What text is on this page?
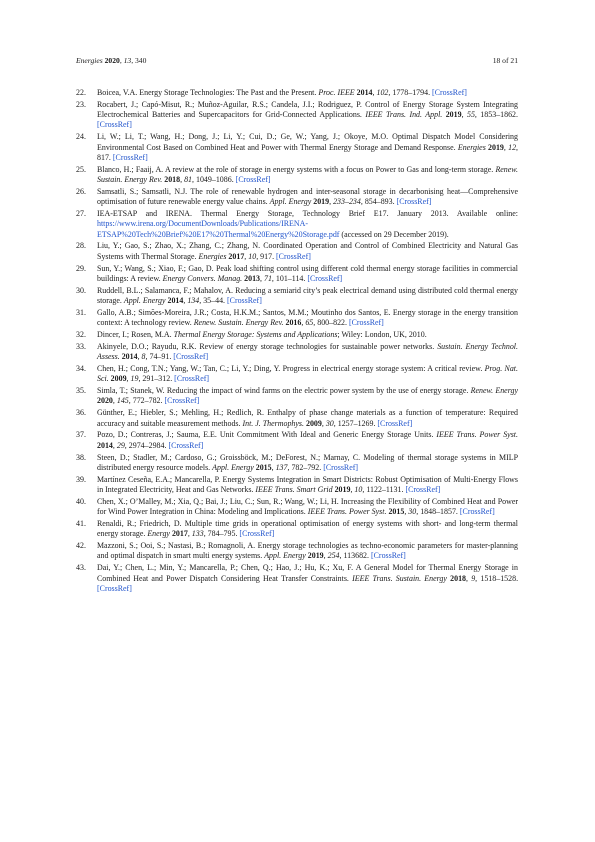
Energies 2020, 13, 340	18 of 21
22. Boicea, V.A. Energy Storage Technologies: The Past and the Present. Proc. IEEE 2014, 102, 1778–1794. [CrossRef]
23. Rocabert, J.; Capó-Misut, R.; Muñoz-Aguilar, R.S.; Candela, J.I.; Rodriguez, P. Control of Energy Storage System Integrating Electrochemical Batteries and Supercapacitors for Grid-Connected Applications. IEEE Trans. Ind. Appl. 2019, 55, 1853–1862. [CrossRef]
24. Li, W.; Li, T.; Wang, H.; Dong, J.; Li, Y.; Cui, D.; Ge, W.; Yang, J.; Okoye, M.O. Optimal Dispatch Model Considering Environmental Cost Based on Combined Heat and Power with Thermal Energy Storage and Demand Response. Energies 2019, 12, 817. [CrossRef]
25. Blanco, H.; Faaij, A. A review at the role of storage in energy systems with a focus on Power to Gas and long-term storage. Renew. Sustain. Energy Rev. 2018, 81, 1049–1086. [CrossRef]
26. Samsatli, S.; Samsatli, N.J. The role of renewable hydrogen and inter-seasonal storage in decarbonising heat—Comprehensive optimisation of future renewable energy value chains. Appl. Energy 2019, 233–234, 854–893. [CrossRef]
27. IEA-ETSAP and IRENA. Thermal Energy Storage, Technology Brief E17. January 2013. Available online: https://www.irena.org/DocumentDownloads/Publications/IRENA-ETSAP%20Tech%20Brief%20E17%20Thermal%20Energy%20Storage.pdf (accessed on 29 December 2019).
28. Liu, Y.; Gao, S.; Zhao, X.; Zhang, C.; Zhang, N. Coordinated Operation and Control of Combined Electricity and Natural Gas Systems with Thermal Storage. Energies 2017, 10, 917. [CrossRef]
29. Sun, Y.; Wang, S.; Xiao, F.; Gao, D. Peak load shifting control using different cold thermal energy storage facilities in commercial buildings: A review. Energy Convers. Manag. 2013, 71, 101–114. [CrossRef]
30. Ruddell, B.L.; Salamanca, F.; Mahalov, A. Reducing a semiarid city’s peak electrical demand using distributed cold thermal energy storage. Appl. Energy 2014, 134, 35–44. [CrossRef]
31. Gallo, A.B.; Simões-Moreira, J.R.; Costa, H.K.M.; Santos, M.M.; Moutinho dos Santos, E. Energy storage in the energy transition context: A technology review. Renew. Sustain. Energy Rev. 2016, 65, 800–822. [CrossRef]
32. Dincer, I.; Rosen, M.A. Thermal Energy Storage: Systems and Applications; Wiley: London, UK, 2010.
33. Akinyele, D.O.; Rayudu, R.K. Review of energy storage technologies for sustainable power networks. Sustain. Energy Technol. Assess. 2014, 8, 74–91. [CrossRef]
34. Chen, H.; Cong, T.N.; Yang, W.; Tan, C.; Li, Y.; Ding, Y. Progress in electrical energy storage system: A critical review. Prog. Nat. Sci. 2009, 19, 291–312. [CrossRef]
35. Simla, T.; Stanek, W. Reducing the impact of wind farms on the electric power system by the use of energy storage. Renew. Energy 2020, 145, 772–782. [CrossRef]
36. Günther, E.; Hiebler, S.; Mehling, H.; Redlich, R. Enthalpy of phase change materials as a function of temperature: Required accuracy and suitable measurement methods. Int. J. Thermophys. 2009, 30, 1257–1269. [CrossRef]
37. Pozo, D.; Contreras, J.; Sauma, E.E. Unit Commitment With Ideal and Generic Energy Storage Units. IEEE Trans. Power Syst. 2014, 29, 2974–2984. [CrossRef]
38. Steen, D.; Stadler, M.; Cardoso, G.; Groissböck, M.; DeForest, N.; Marnay, C. Modeling of thermal storage systems in MILP distributed energy resource models. Appl. Energy 2015, 137, 782–792. [CrossRef]
39. Martínez Ceseña, E.A.; Mancarella, P. Energy Systems Integration in Smart Districts: Robust Optimisation of Multi-Energy Flows in Integrated Electricity, Heat and Gas Networks. IEEE Trans. Smart Grid 2019, 10, 1122–1131. [CrossRef]
40. Chen, X.; O’Malley, M.; Xia, Q.; Bai, J.; Liu, C.; Sun, R.; Wang, W.; Li, H. Increasing the Flexibility of Combined Heat and Power for Wind Power Integration in China: Modeling and Implications. IEEE Trans. Power Syst. 2015, 30, 1848–1857. [CrossRef]
41. Renaldi, R.; Friedrich, D. Multiple time grids in operational optimisation of energy systems with short- and long-term thermal energy storage. Energy 2017, 133, 784–795. [CrossRef]
42. Mazzoni, S.; Ooi, S.; Nastasi, B.; Romagnoli, A. Energy storage technologies as techno-economic parameters for master-planning and optimal dispatch in smart multi energy systems. Appl. Energy 2019, 254, 113682. [CrossRef]
43. Dai, Y.; Chen, L.; Min, Y.; Mancarella, P.; Chen, Q.; Hao, J.; Hu, K.; Xu, F. A General Model for Thermal Energy Storage in Combined Heat and Power Dispatch Considering Heat Transfer Constraints. IEEE Trans. Sustain. Energy 2018, 9, 1518–1528. [CrossRef]
